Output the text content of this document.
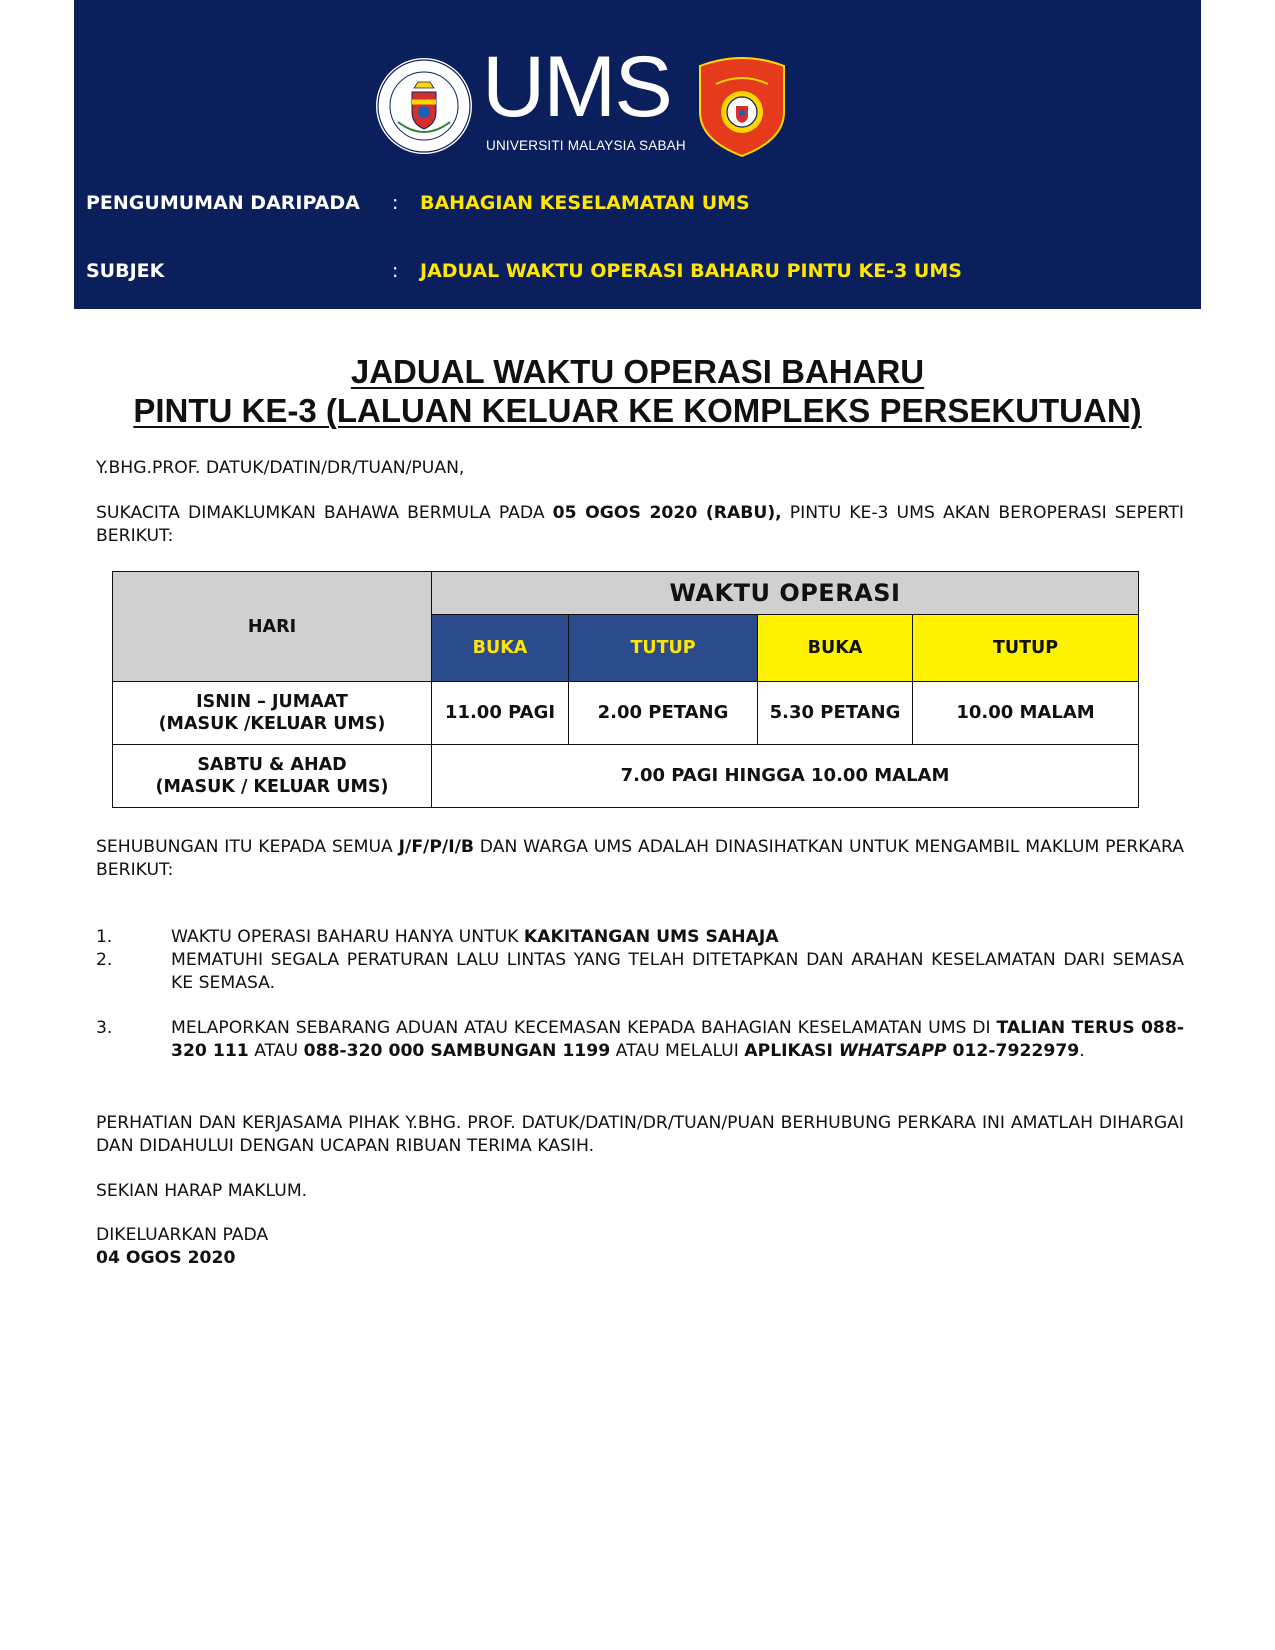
UMS
UNIVERSITI MALAYSIA SABAH
PENGUMUMAN DARIPADA : BAHAGIAN KESELAMATAN UMS
SUBJEK	: JADUAL WAKTU OPERASI BAHARU PINTU KE-3 UMS
JADUAL WAKTU OPERASI BAHARU
PINTU KE-3 (LALUAN KELUAR KE KOMPLEKS PERSEKUTUAN)
Y.BHG.PROF. DATUK/DATIN/DR/TUAN/PUAN,
SUKACITA DIMAKLUMKAN BAHAWA BERMULA PADA 05 OGOS 2020 (RABU), PINTU KE-3 UMS AKAN BEROPERASI SEPERTI BERIKUT:
HARI	WAKTU OPERASI			
	BUKA	TUTUP	BUKA	TUTUP

ISNIN – JUMAAT
(MASUK /KELUAR UMS)	11.00 PAGI	2.00 PETANG	5.30 PETANG	10.00 MALAM

SABTU & AHAD
(MASUK / KELUAR UMS)	7.00 PAGI HINGGA 10.00 MALAM			
SEHUBUNGAN ITU KEPADA SEMUA J/F/P/I/B DAN WARGA UMS ADALAH DINASIHATKAN UNTUK MENGAMBIL MAKLUM PERKARA BERIKUT:
1.	WAKTU OPERASI BAHARU HANYA UNTUK KAKITANGAN UMS SAHAJA
2.	MEMATUHI SEGALA PERATURAN LALU LINTAS YANG TELAH DITETAPKAN DAN ARAHAN KESELAMATAN DARI SEMASA KE SEMASA.
3.	MELAPORKAN SEBARANG ADUAN ATAU KECEMASAN KEPADA BAHAGIAN KESELAMATAN UMS DI TALIAN TERUS 088-320 111 ATAU 088-320 000 SAMBUNGAN 1199 ATAU MELALUI APLIKASI WHATSAPP 012-7922979.
PERHATIAN DAN KERJASAMA PIHAK Y.BHG. PROF. DATUK/DATIN/DR/TUAN/PUAN BERHUBUNG PERKARA INI AMATLAH DIHARGAI DAN DIDAHULUI DENGAN UCAPAN RIBUAN TERIMA KASIH.
SEKIAN HARAP MAKLUM.
DIKELUARKAN PADA
04 OGOS 2020
